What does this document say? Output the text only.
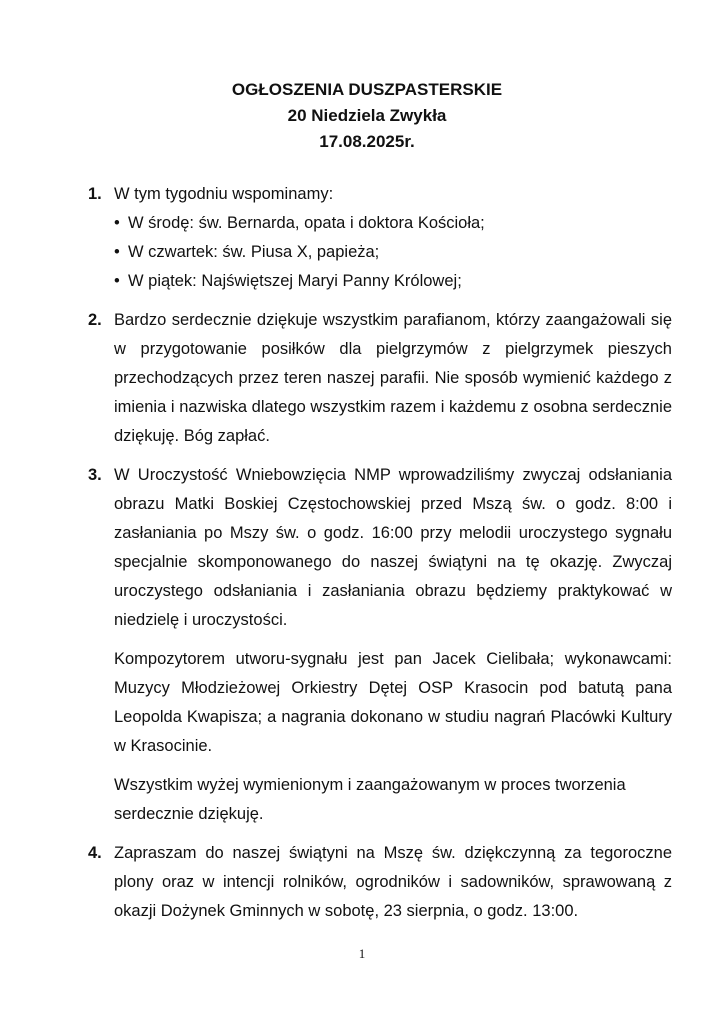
OGŁOSZENIA DUSZPASTERSKIE

20 Niedziela Zwykła

17.08.2025r.

1. W tym tygodniu wspominamy:

• W środę: św. Bernarda, opata i doktora Kościoła;
• W czwartek: św. Piusa X, papieża;
• W piątek: Najświętszej Maryi Panny Królowej;
2. Bardzo serdecznie dziękuje wszystkim parafianom, którzy zaangażowali się w przygotowanie posiłków dla pielgrzymów z pielgrzymek pieszych przechodzących przez teren naszej parafii. Nie sposób wymienić każdego z imienia i nazwiska dlatego wszystkim razem i każdemu z osobna serdecznie dziękuję. Bóg zapłać.

3. W Uroczystość Wniebowzięcia NMP wprowadziliśmy zwyczaj odsłaniania obrazu Matki Boskiej Częstochowskiej przed Mszą św. o godz. 8:00 i zasłaniania po Mszy św. o godz. 16:00 przy melodii uroczystego sygnału specjalnie skomponowanego do naszej świątyni na tę okazję. Zwyczaj uroczystego odsłaniania i zasłaniania obrazu będziemy praktykować w niedzielę i uroczystości.

Kompozytorem utworu-sygnału jest pan Jacek Cielibała; wykonawcami: Muzycy Młodzieżowej Orkiestry Dętej OSP Krasocin pod batutą pana Leopolda Kwapisza; a nagrania dokonano w studiu nagrań Placówki Kultury w Krasocinie.

Wszystkim wyżej wymienionym i zaangażowanym w proces tworzenia serdecznie dziękuję.

4. Zapraszam do naszej świątyni na Mszę św. dziękczynną za tegoroczne plony oraz w intencji rolników, ogrodników i sadowników, sprawowaną z okazji Dożynek Gminnych w sobotę, 23 sierpnia, o godz. 13:00.

1
